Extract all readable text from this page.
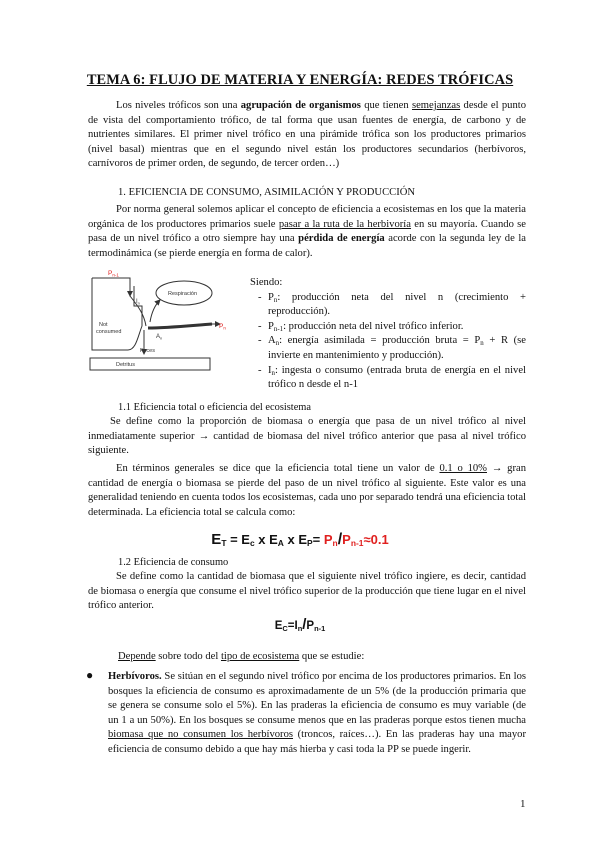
TEMA 6: FLUJO DE MATERIA Y ENERGÍA: REDES TRÓFICAS
Los niveles tróficos son una agrupación de organismos que tienen semejanzas desde el punto de vista del comportamiento trófico, de tal forma que usan fuentes de energía, de carbono y de nutrientes similares. El primer nivel trófico en una pirámide trófica son los productores primarios (nivel basal) mientras que en el segundo nivel están los productores secundarios (herbívoros, carnívoros de primer orden, de segundo, de tercer orden…)
1. EFICIENCIA DE CONSUMO, ASIMILACIÓN Y PRODUCCIÓN
Por norma general solemos aplicar el concepto de eficiencia a ecosistemas en los que la materia orgánica de los productores primarios suele pasar a la ruta de la herbivoría en su mayoría. Cuando se pasa de un nivel trófico a otro siempre hay una pérdida de energía acorde con la segunda ley de la termodinámica (se pierde energía en forma de calor).
$P_{n-1}$
Not
consumed
$I_n$
Respiración
$P_n$
$A_n$
Feces
Detritus
Siendo:
- $P_n$: producción neta del nivel n (crecimiento + reproducción).
- $P_{n-1}$: producción neta del nivel trófico inferior.
- $A_n$: energía asimilada = producción bruta = $P_n + R$ (se invierte en mantenimiento y producción).
- $I_n$: ingesta o consumo (entrada bruta de energía en el nivel trófico n desde el n-1
1.1 Eficiencia total o eficiencia del ecosistema
Se define como la proporción de biomasa o energía que pasa de un nivel trófico al nivel inmediatamente superior → cantidad de biomasa del nivel trófico anterior que pasa al nivel trófico siguiente.
En términos generales se dice que la eficiencia total tiene un valor de 0.1 o 10% → gran cantidad de energía o biomasa se pierde del paso de un nivel trófico al siguiente. Este valor es una generalidad teniendo en cuenta todos los ecosistemas, cada uno por separado tendrá una eficiencia total determinada. La eficiencia total se calcula como:
$E_T = E_c$ x $E_A$ x $E_P= P_n/P_{n-1}\approx 0.1$
1.2 Eficiencia de consumo
Se define como la cantidad de biomasa que el siguiente nivel trófico ingiere, es decir, cantidad de biomasa o energía que consume el nivel trófico superior de la producción que tiene lugar en el nivel trófico anterior.
$E_C=I_n/P_{n-1}$
Depende sobre todo del tipo de ecosistema que se estudie:
● Herbívoros. Se sitúan en el segundo nivel trófico por encima de los productores primarios. En los bosques la eficiencia de consumo es aproximadamente de un 5% (de la producción primaria que se genera se consume solo el 5%). En las praderas la eficiencia de consumo es muy variable (de un 1 a un 50%). En los bosques se consume menos que en las praderas porque estos tienen mucha biomasa que no consumen los herbívoros (troncos, raíces…). En las praderas hay una mayor eficiencia de consumo debido a que hay más hierba y casi toda la PP se puede ingerir.
1
